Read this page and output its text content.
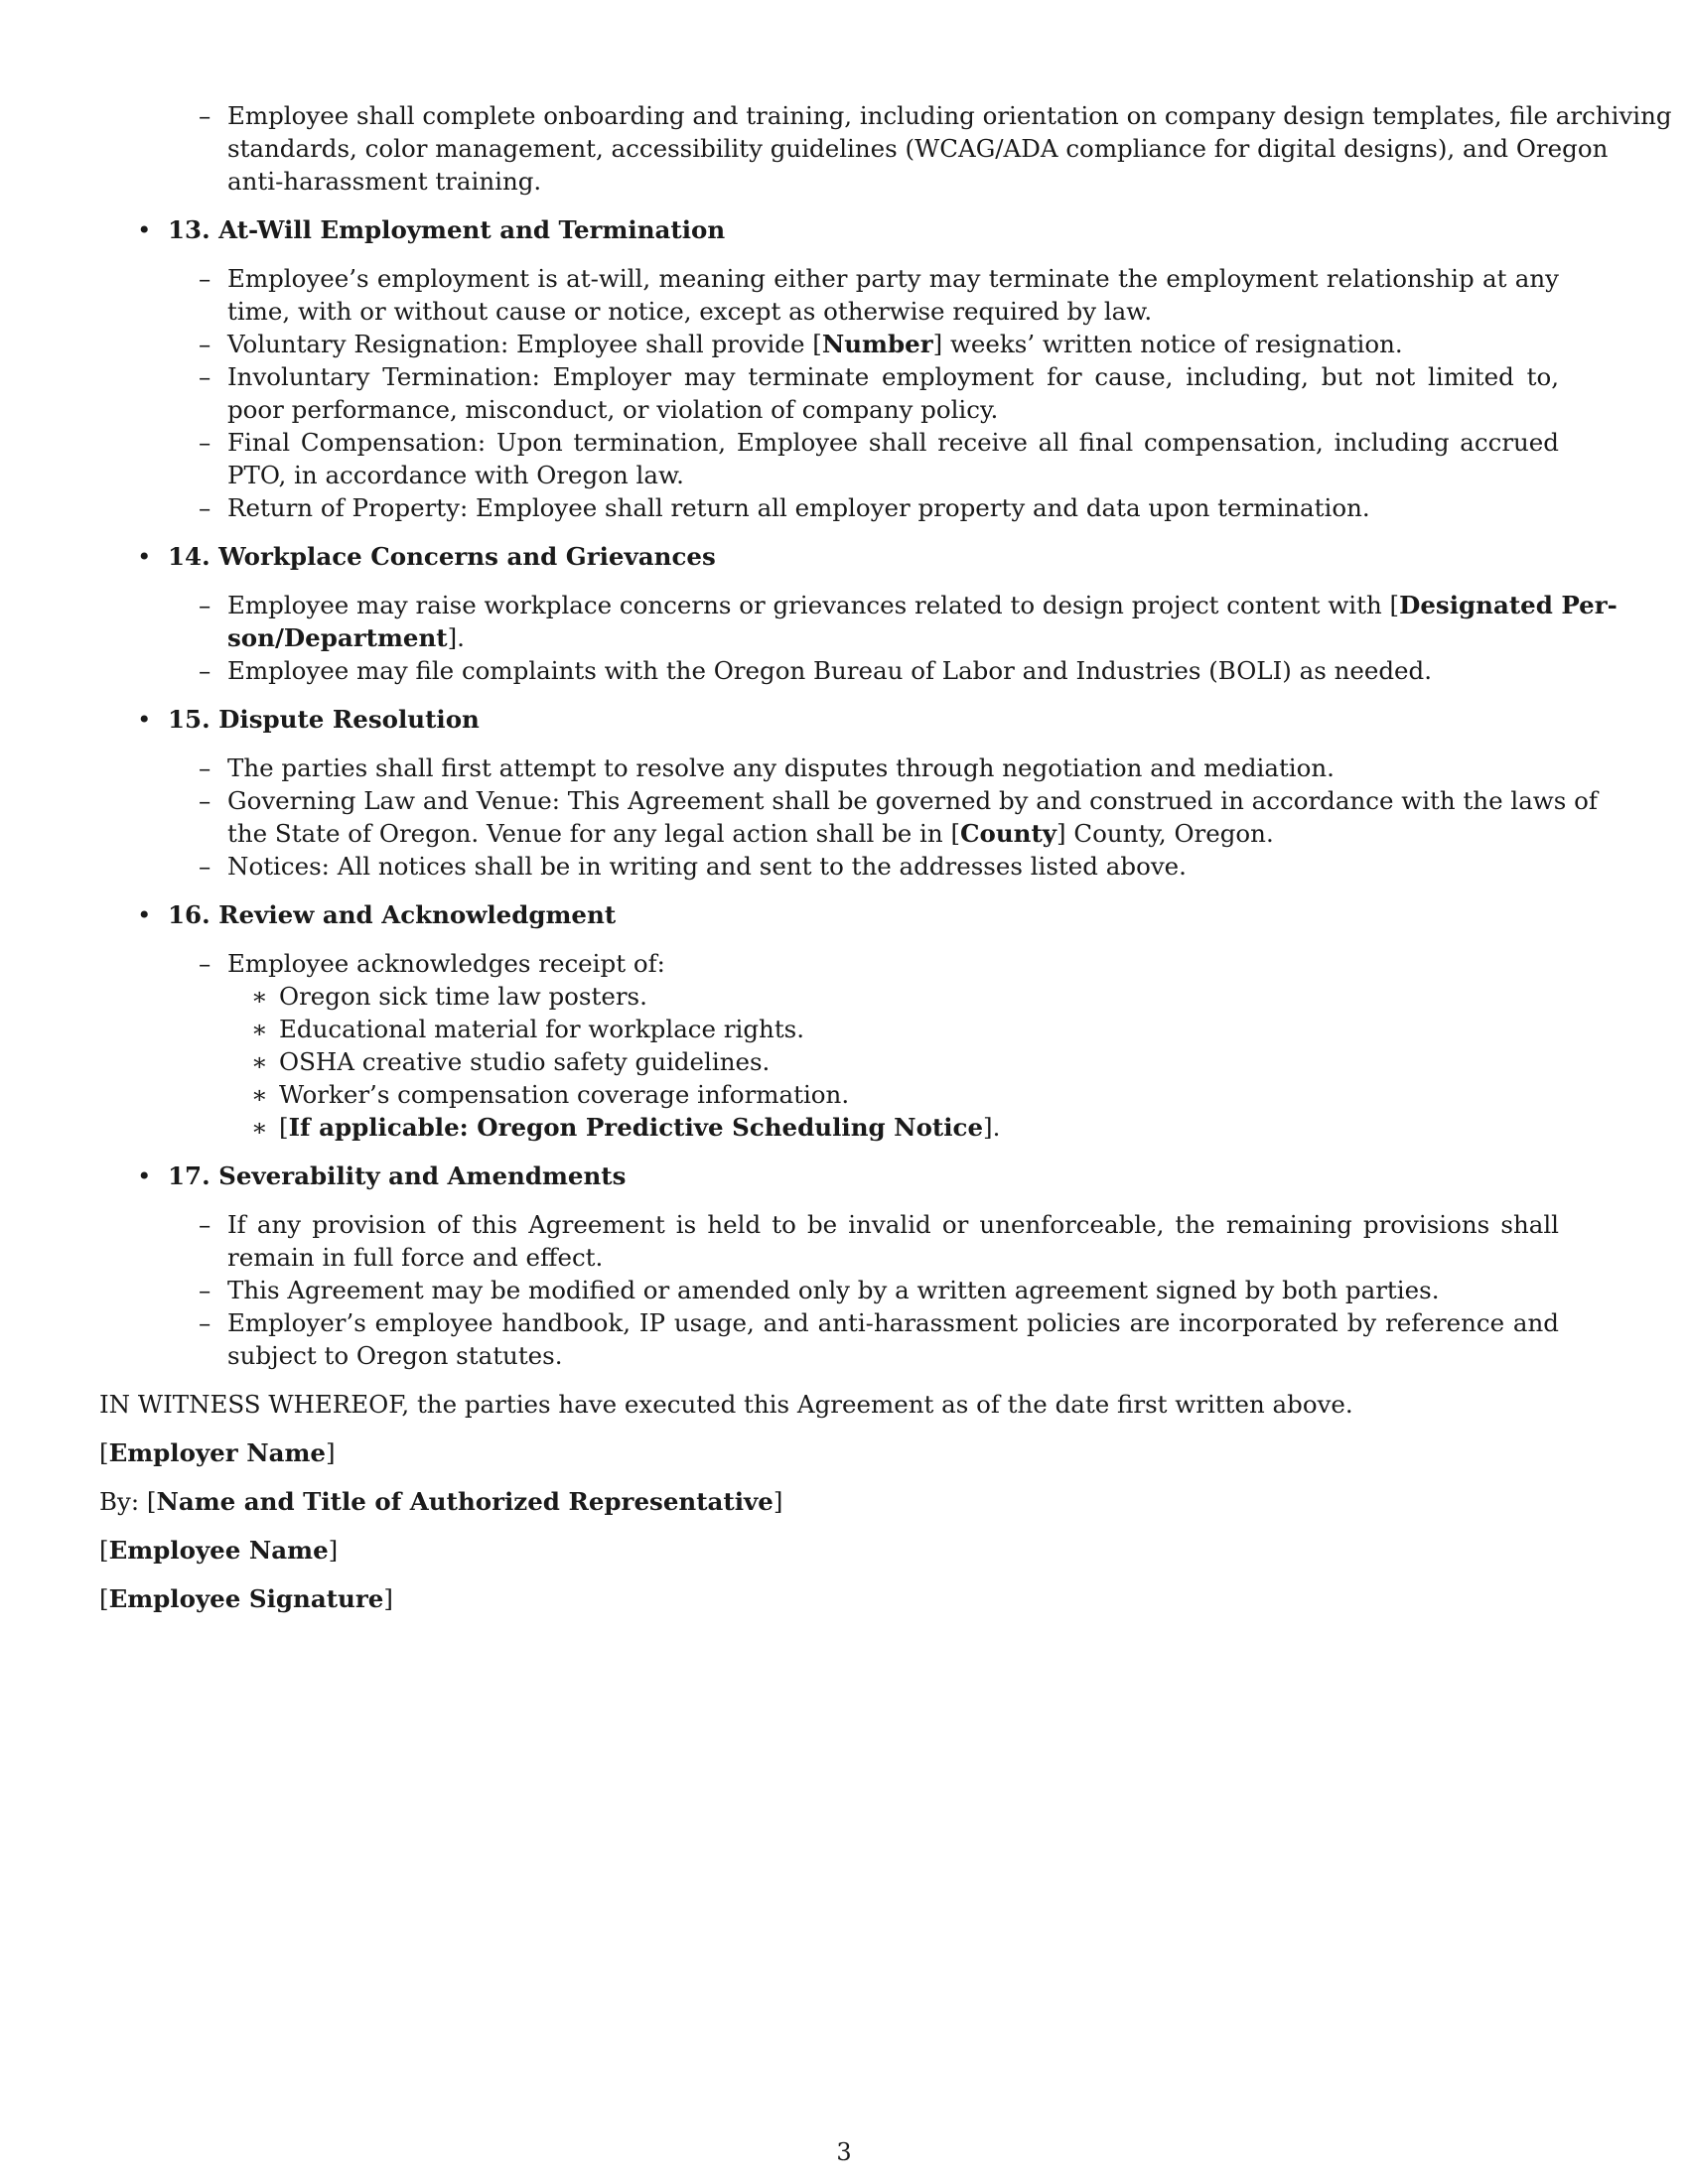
– Employee shall complete onboarding and training, including orientation on company design templates, file archiving
standards, color management, accessibility guidelines (WCAG/ADA compliance for digital designs), and Oregon
anti-harassment training.
• 13. At-Will Employment and Termination
– Employee’s employment is at-will, meaning either party may terminate the employment relationship at any time, with or without cause or notice, except as otherwise required by law.
– Voluntary Resignation: Employee shall provide [Number] weeks’ written notice of resignation.
– Involuntary Termination: Employer may terminate employment for cause, including, but not limited to, poor performance, misconduct, or violation of company policy.
– Final Compensation: Upon termination, Employee shall receive all final compensation, including accrued PTO, in accordance with Oregon law.
– Return of Property: Employee shall return all employer property and data upon termination.
• 14. Workplace Concerns and Grievances
– Employee may raise workplace concerns or grievances related to design project content with [Designated Per-
son/Department].
– Employee may file complaints with the Oregon Bureau of Labor and Industries (BOLI) as needed.
• 15. Dispute Resolution
– The parties shall first attempt to resolve any disputes through negotiation and mediation.
– Governing Law and Venue: This Agreement shall be governed by and construed in accordance with the laws of
the State of Oregon. Venue for any legal action shall be in [County] County, Oregon.
– Notices: All notices shall be in writing and sent to the addresses listed above.
• 16. Review and Acknowledgment
– Employee acknowledges receipt of:
∗ Oregon sick time law posters.
∗ Educational material for workplace rights.
∗ OSHA creative studio safety guidelines.
∗ Worker’s compensation coverage information.
∗ [If applicable: Oregon Predictive Scheduling Notice].
• 17. Severability and Amendments
– If any provision of this Agreement is held to be invalid or unenforceable, the remaining provisions shall remain in full force and effect.
– This Agreement may be modified or amended only by a written agreement signed by both parties.
– Employer’s employee handbook, IP usage, and anti-harassment policies are incorporated by reference and subject to Oregon statutes.
IN WITNESS WHEREOF, the parties have executed this Agreement as of the date first written above.
[Employer Name]
By: [Name and Title of Authorized Representative]
[Employee Name]
[Employee Signature]
3
